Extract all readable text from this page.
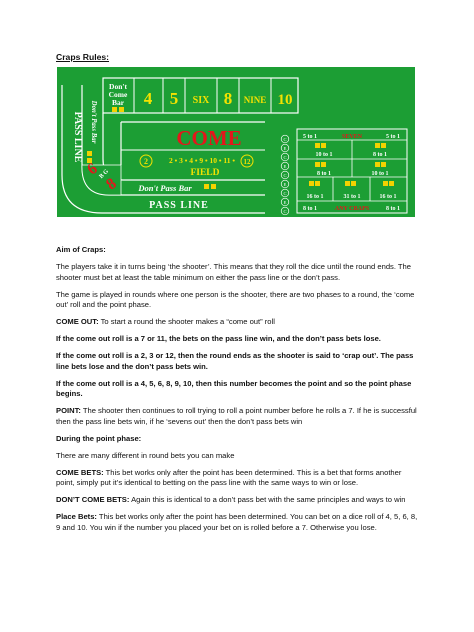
Craps Rules:
Don't
Come
Bar 4 5 SIX 8 NINE 10
PASS LINE Don't Pass Bar	COME
2	2 • 3 • 4 • 9 • 10 • 11 • 12
FIELD
6
8
B G
Don't Pass Bar
PASS LINE
C
E
C
E
C
E
C
E
C
5 to 1	SEVEN	5 to 1
10 to 1	8 to 1
8 to 1	10 to 1
16 to 1	31 to 1	16 to 1
8 to 1	ANY CRAPS	8 to 1

Aim of Craps:

The players take it in turns being ‘the shooter’. This means that they roll the dice until the round ends. The shooter must bet at least the table minimum on either the pass line or the don’t pass.

The game is played in rounds where one person is the shooter, there are two phases to a round, the ‘come out’ roll and the point phase.

COME OUT: To start a round the shooter makes a “come out” roll

If the come out roll is a 7 or 11, the bets on the pass line win, and the don’t pass bets lose.

If the come out roll is a 2, 3 or 12, then the round ends as the shooter is said to ‘crap out’. The pass line bets lose and the don’t pass bets win.

If the come out roll is a 4, 5, 6, 8, 9, 10, then this number becomes the point and so the point phase begins.

POINT: The shooter then continues to roll trying to roll a point number before he rolls a 7. If he is successful then the pass line bets win, if he ‘sevens out’ then the don’t pass bets win

During the point phase:

There are many different in round bets you can make

COME BETS: This bet works only after the point has been determined. This is a bet that forms another point, simply put it’s identical to betting on the pass line with the same ways to win or lose.

DON’T COME BETS: Again this is identical to a don’t pass bet with the same principles and ways to win

Place Bets: This bet works only after the point has been determined. You can bet on a dice roll of 4, 5, 6, 8, 9 and 10. You win if the number you placed your bet on is rolled before a 7. Otherwise you lose.
